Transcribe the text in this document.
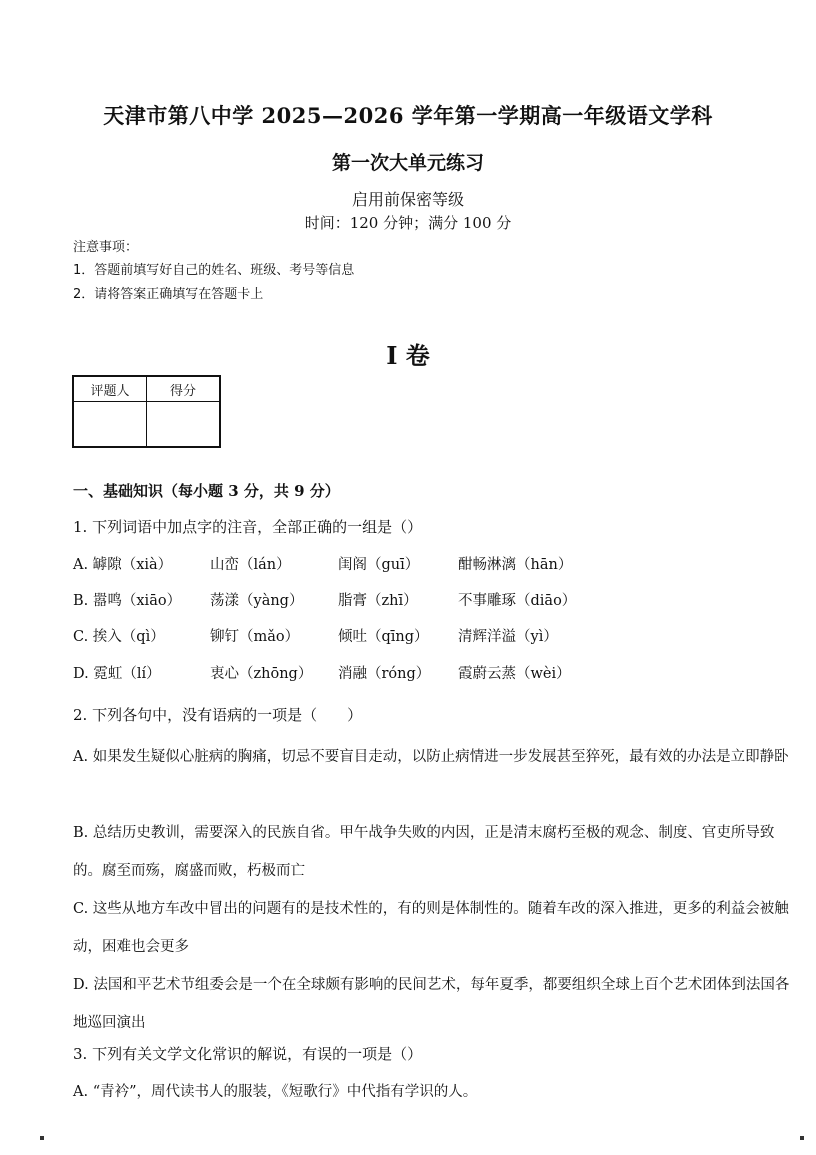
天津市第八中学 2025—2026 学年第一学期高一年级语文学科
第一次大单元练习
启用前保密等级
时间：120 分钟；满分 100 分
注意事项：
1．答题前填写好自己的姓名、班级、考号等信息
2．请将答案正确填写在答题卡上
I 卷
评题人	得分

一、基础知识（每小题 3 分，共 9 分）
1. 下列词语中加点字的注音，全部正确的一组是（）
A. 罅隙（xià）	山峦（lán）	闺阁（guī）	酣畅淋漓（hān）
B. 嚣鸣（xiāo） 荡漾（yàng） 脂膏（zhī）	不事雕琢（diāo）
C. 挨入（qì）	铆钉（mǎo）	倾吐（qīng） 清辉洋溢（yì）
D. 霓虹（lí）	衷心（zhōng） 消融（róng） 霞蔚云蒸（wèi）
2. 下列各句中，没有语病的一项是（　　）
A. 如果发生疑似心脏病的胸痛，切忌不要盲目走动，以防止病情进一步发展甚至猝死，最有效的办法是立即静卧
B. 总结历史教训，需要深入的民族自省。甲午战争失败的内因，正是清末腐朽至极的观念、制度、官吏所导致的。腐至而殇，腐盛而败，朽极而亡
C. 这些从地方车改中冒出的问题有的是技术性的，有的则是体制性的。随着车改的深入推进，更多的利益会被触动，困难也会更多
D. 法国和平艺术节组委会是一个在全球颇有影响的民间艺术，每年夏季，都要组织全球上百个艺术团体到法国各地巡回演出
3. 下列有关文学文化常识的解说，有误的一项是（）
A. “青衿”，周代读书人的服装，《短歌行》中代指有学识的人。
